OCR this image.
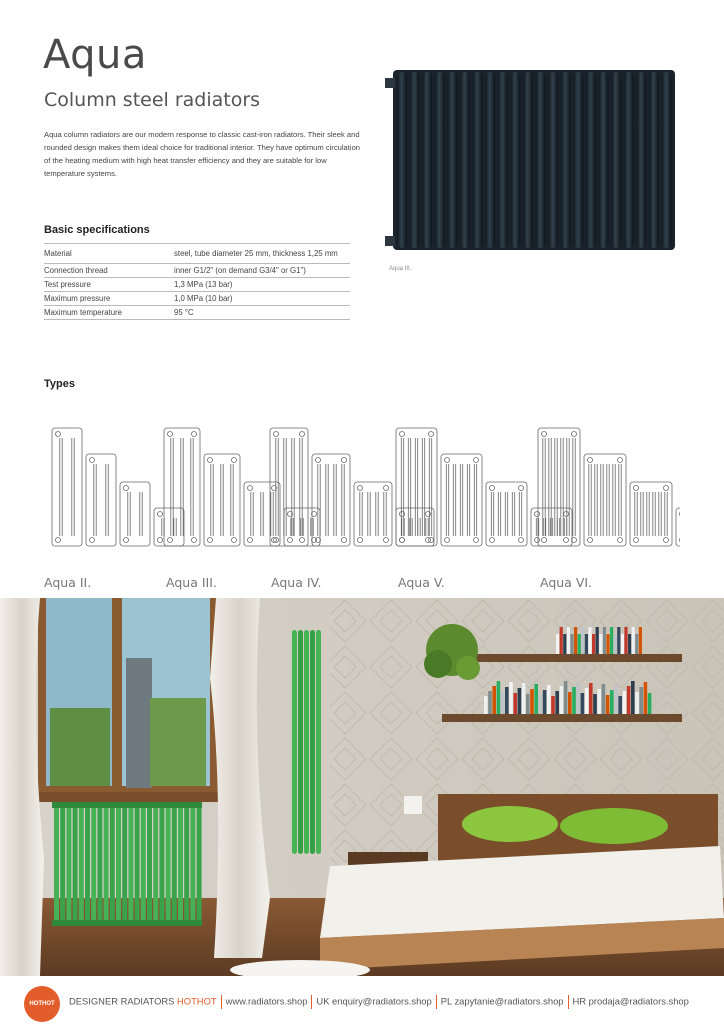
Aqua
Column steel radiators
Aqua column radiators are our modern response to classic cast-iron radiators. Their sleek and rounded design makes them ideal choice for traditional interior. They have optimum circulation of the heating medium with high heat transfer efficiency and they are suitable for low temperature systems.
Aqua III.
Basic specifications
Material	steel, tube diameter 25 mm, thickness 1,25 mm
Connection thread	inner G1/2" (on demand G3/4" or G1")
Test pressure	1,3 MPa (13 bar)
Maximum pressure	1,0 MPa (10 bar)
Maximum temperature	95 °C
Types
Aqua II.	Aqua III.	Aqua IV.	Aqua V.	Aqua VI.
HOTHOT	DESIGNER RADIATORS HOTHOT www.radiators.shop UK enquiry@radiators.shop PL zapytanie@radiators.shop HR prodaja@radiators.shop
